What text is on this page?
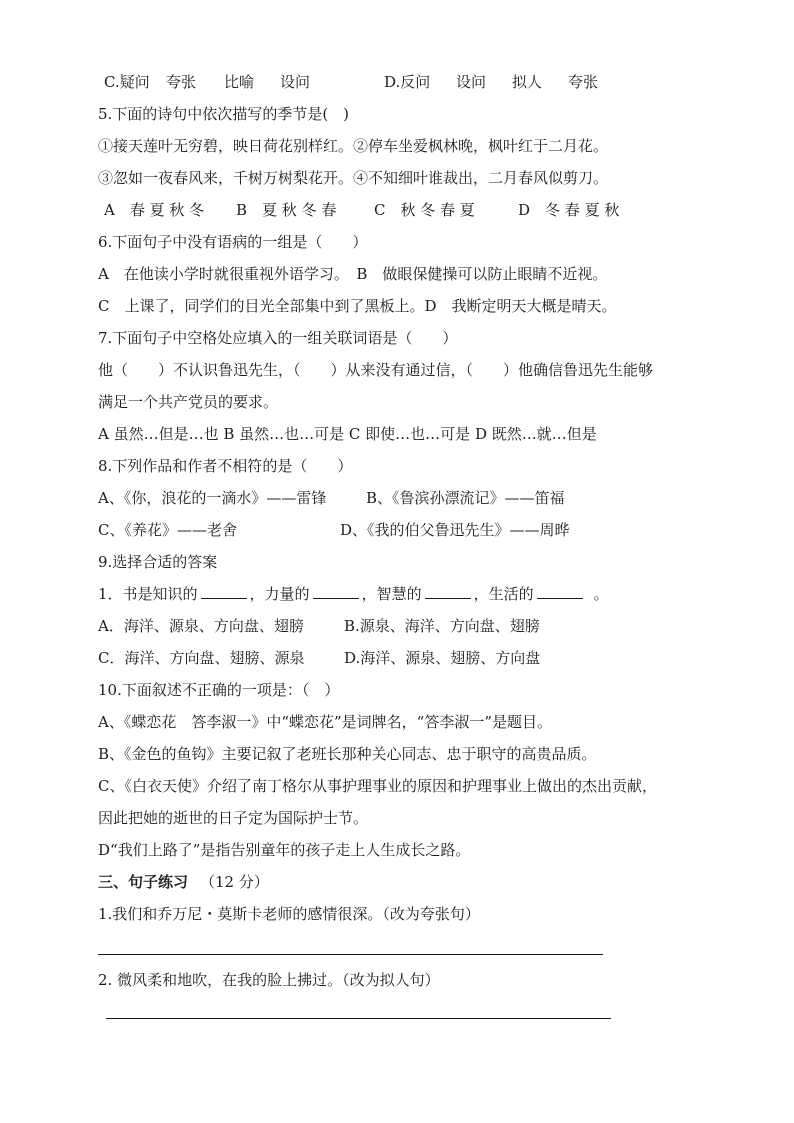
C.疑问 夸张 比喻 设问	D.反问 设问 拟人 夸张

5.下面的诗句中依次描写的季节是(　)

①接天莲叶无穷碧，映日荷花别样红。②停车坐爱枫林晚，枫叶红于二月花。

③忽如一夜春风来，千树万树梨花开。④不知细叶谁裁出，二月春风似剪刀。

A　春 夏 秋 冬 B　夏 秋 冬 春	C　秋 冬 春 夏	D　冬 春 夏 秋

6.下面句子中没有语病的一组是（　　）

A　在他读小学时就很重视外语学习。　B　做眼保健操可以防止眼睛不近视。

C　上课了，同学们的目光全部集中到了黑板上。D　我断定明天大概是晴天。

7.下面句子中空格处应填入的一组关联词语是（　　）

他（　　）不认识鲁迅先生，（　　）从来没有通过信，（　　）他确信鲁迅先生能够

满足一个共产党员的要求。

A 虽然…但是…也 B 虽然…也…可是 C 即使…也…可是 D 既然…就…但是

8.下列作品和作者不相符的是（　　）

A、《你，浪花的一滴水》——雷锋	B、《鲁滨孙漂流记》——笛福

C、《养花》——老舍	D、《我的伯父鲁迅先生》——周晔

9.选择合适的答案

1．书是知识的	，力量的	，智慧的	，生活的	。

A．海洋、源泉、方向盘、翅膀	B.源泉、海洋、方向盘、翅膀

C．海洋、方向盘、翅膀、源泉	D.海洋、源泉、翅膀、方向盘

10.下面叙述不正确的一项是：（　）

A、《蝶恋花　答李淑一》中“蝶恋花”是词牌名，“答李淑一”是题目。

B、《金色的鱼钩》主要记叙了老班长那种关心同志、忠于职守的高贵品质。

C、《白衣天使》介绍了南丁格尔从事护理事业的原因和护理事业上做出的杰出贡献，

因此把她的逝世的日子定为国际护士节。

D“我们上路了”是指告别童年的孩子走上人生成长之路。

三、句子练习 （12 分）

1.我们和乔万尼・莫斯卡老师的感情很深。（改为夸张句）

2. 微风柔和地吹，在我的脸上拂过。（改为拟人句）
